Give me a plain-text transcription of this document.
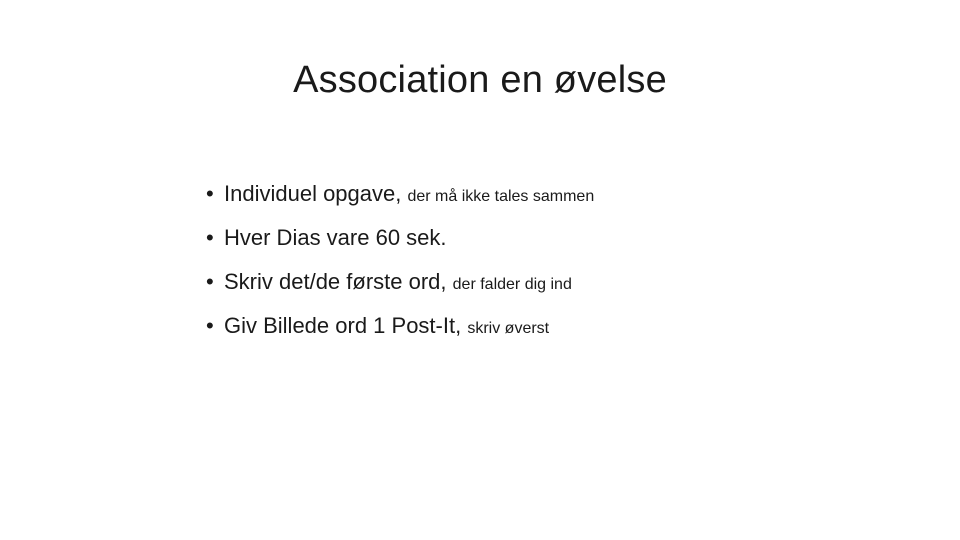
Association en øvelse
• Individuel opgave, der må ikke tales sammen
• Hver Dias vare 60 sek.
• Skriv det/de første ord, der falder dig ind
• Giv Billede ord 1 Post-It, skriv øverst
